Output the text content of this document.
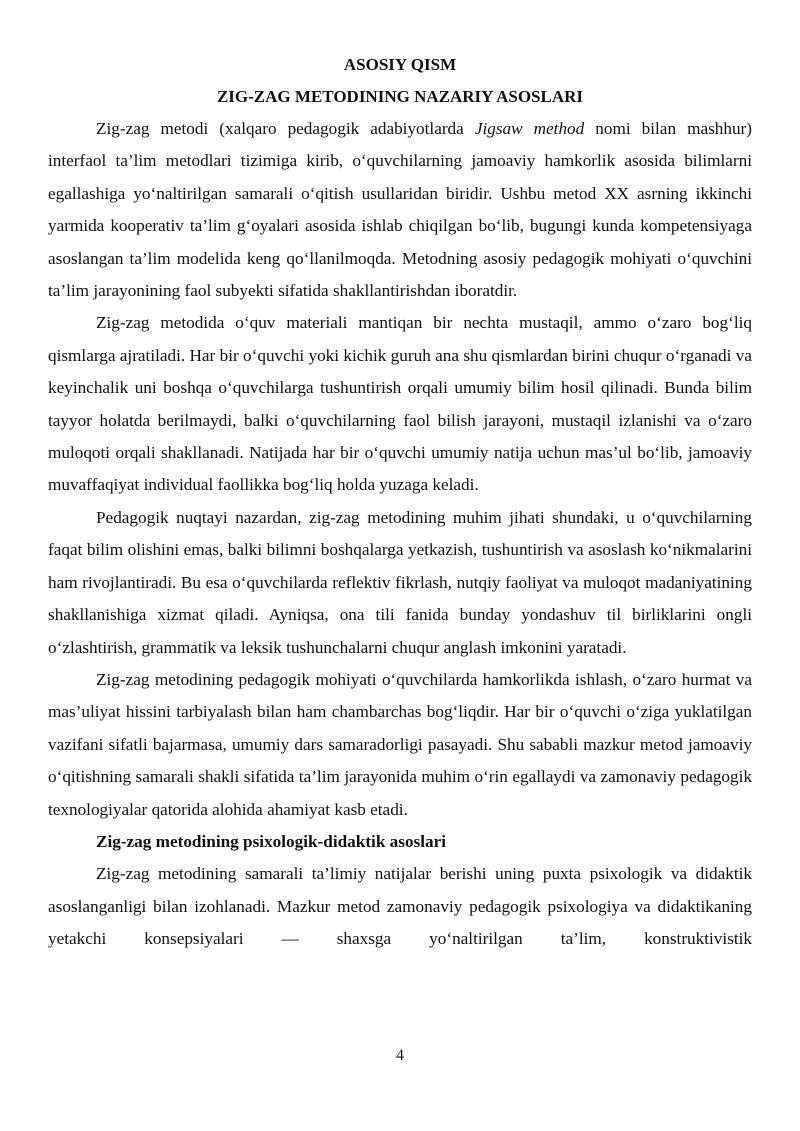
ASOSIY QISM
ZIG-ZAG METODINING NAZARIY ASOSLARI

Zig-zag metodi (xalqaro pedagogik adabiyotlarda Jigsaw method nomi bilan mashhur) interfaol ta’lim metodlari tizimiga kirib, o‘quvchilarning jamoaviy hamkorlik asosida bilimlarni egallashiga yo‘naltirilgan samarali o‘qitish usullaridan biridir. Ushbu metod XX asrning ikkinchi yarmida kooperativ ta’lim g‘oyalari asosida ishlab chiqilgan bo‘lib, bugungi kunda kompetensiyaga asoslangan ta’lim modelida keng qo‘llanilmoqda. Metodning asosiy pedagogik mohiyati o‘quvchini ta’lim jarayonining faol subyekti sifatida shakllantirishdan iboratdir.

Zig-zag metodida o‘quv materiali mantiqan bir nechta mustaqil, ammo o‘zaro bog‘liq qismlarga ajratiladi. Har bir o‘quvchi yoki kichik guruh ana shu qismlardan birini chuqur o‘rganadi va keyinchalik uni boshqa o‘quvchilarga tushuntirish orqali umumiy bilim hosil qilinadi. Bunda bilim tayyor holatda berilmaydi, balki o‘quvchilarning faol bilish jarayoni, mustaqil izlanishi va o‘zaro muloqoti orqali shakllanadi. Natijada har bir o‘quvchi umumiy natija uchun mas’ul bo‘lib, jamoaviy muvaffaqiyat individual faollikka bog‘liq holda yuzaga keladi.

Pedagogik nuqtayi nazardan, zig-zag metodining muhim jihati shundaki, u o‘quvchilarning faqat bilim olishini emas, balki bilimni boshqalarga yetkazish, tushuntirish va asoslash ko‘nikmalarini ham rivojlantiradi. Bu esa o‘quvchilarda reflektiv fikrlash, nutqiy faoliyat va muloqot madaniyatining shakllanishiga xizmat qiladi. Ayniqsa, ona tili fanida bunday yondashuv til birliklarini ongli o‘zlashtirish, grammatik va leksik tushunchalarni chuqur anglash imkonini yaratadi.

Zig-zag metodining pedagogik mohiyati o‘quvchilarda hamkorlikda ishlash, o‘zaro hurmat va mas’uliyat hissini tarbiyalash bilan ham chambarchas bog‘liqdir. Har bir o‘quvchi o‘ziga yuklatilgan vazifani sifatli bajarmasa, umumiy dars samaradorligi pasayadi. Shu sababli mazkur metod jamoaviy o‘qitishning samarali shakli sifatida ta’lim jarayonida muhim o‘rin egallaydi va zamonaviy pedagogik texnologiyalar qatorida alohida ahamiyat kasb etadi.

Zig-zag metodining psixologik-didaktik asoslari

Zig-zag metodining samarali ta’limiy natijalar berishi uning puxta psixologik va didaktik asoslanganligi bilan izohlanadi. Mazkur metod zamonaviy pedagogik psixologiya va didaktikaning yetakchi konsepsiyalari — shaxsga yo‘naltirilgan ta’lim, konstruktivistik

4
